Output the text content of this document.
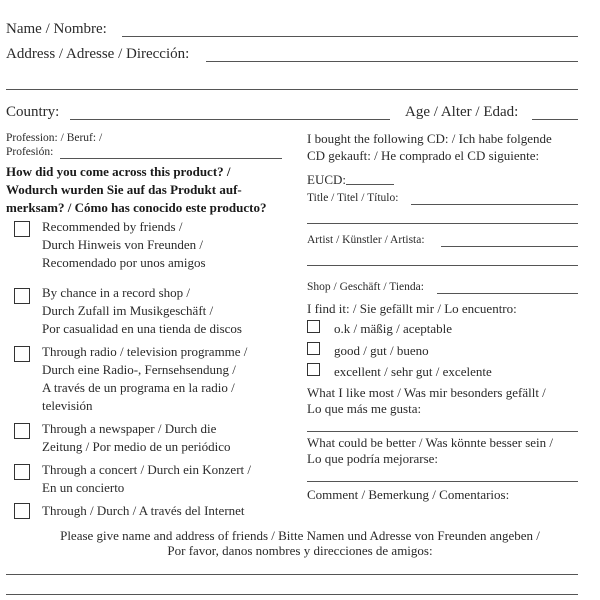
Name / Nombre:
Address / Adresse / Dirección:
Country:	Age / Alter / Edad:
Profession: / Beruf: /
Profesión:
How did you come across this product? /
Wodurch wurden Sie auf das Produkt auf-
merksam? / Cómo has conocido este producto?
Recommended by friends /
Durch Hinweis von Freunden /
Recomendado por unos amigos
By chance in a record shop /
Durch Zufall im Musikgeschäft /
Por casualidad en una tienda de discos
Through radio / television programme /
Durch eine Radio-, Fernsehsendung /
A través de un programa en la radio /
televisión
Through a newspaper / Durch die
Zeitung / Por medio de un periódico
Through a concert / Durch ein Konzert /
En un concierto
Through / Durch / A través del Internet
I bought the following CD: / Ich habe folgende
CD gekauft: / He comprado el CD siguiente:
EUCD:
Title / Titel / Título:
Artist / Künstler / Artista:
Shop / Geschäft / Tienda:
I find it: / Sie gefällt mir / Lo encuentro:
o.k / mäßig / aceptable
good / gut / bueno
excellent / sehr gut / excelente
What I like most / Was mir besonders gefällt /
Lo que más me gusta:
What could be better / Was könnte besser sein /
Lo que podría mejorarse:
Comment / Bemerkung / Comentarios:
Please give name and address of friends / Bitte Namen und Adresse von Freunden angeben /
Por favor, danos nombres y direcciones de amigos:
